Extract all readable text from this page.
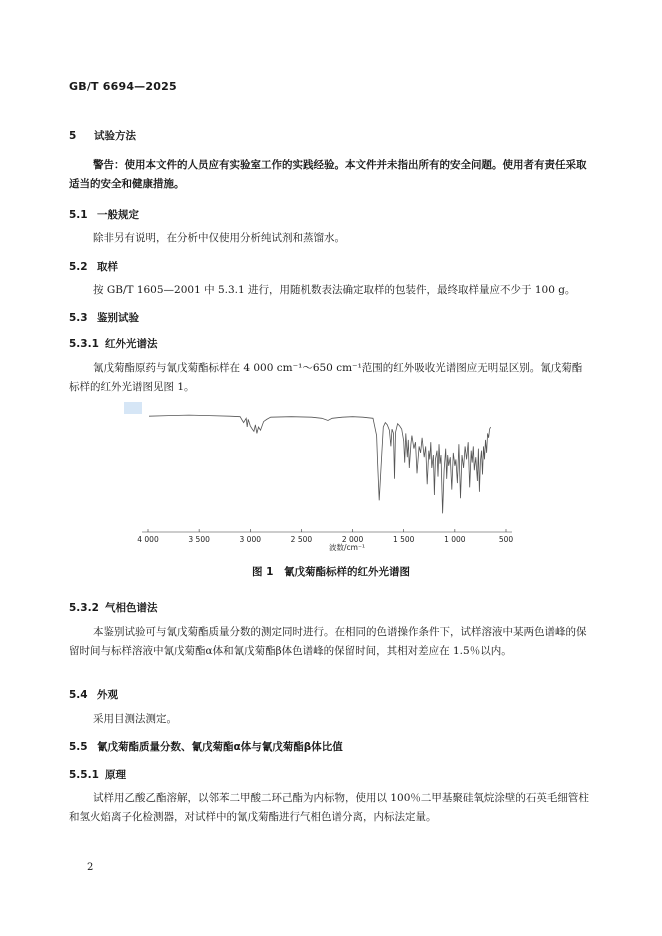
GB/T 6694—2025
5 试验方法

警告：使用本文件的人员应有实验室工作的实践经验。本文件并未指出所有的安全问题。使用者有责任采取适当的安全和健康措施。

5.1 一般规定

除非另有说明，在分析中仅使用分析纯试剂和蒸馏水。

5.2 取样

按 GB/T 1605—2001 中 5.3.1 进行，用随机数表法确定取样的包装件，最终取样量应不少于 100 g。

5.3 鉴别试验
5.3.1 红外光谱法

氰戊菊酯原药与氰戊菊酯标样在 4 000 cm⁻¹～650 cm⁻¹范围的红外吸收光谱图应无明显区别。氰戊菊酯标样的红外光谱图见图 1。

4 000	3 500	3 000	2 500	2 000	1 500	1 000	500
波数/cm⁻¹
图 1　氰戊菊酯标样的红外光谱图
5.3.2 气相色谱法

本鉴别试验可与氰戊菊酯质量分数的测定同时进行。在相同的色谱操作条件下，试样溶液中某两色谱峰的保留时间与标样溶液中氰戊菊酯α体和氰戊菊酯β体色谱峰的保留时间，其相对差应在 1.5％以内。

5.4 外观

采用目测法测定。

5.5 氰戊菊酯质量分数、氰戊菊酯α体与氰戊菊酯β体比值
5.5.1 原理

试样用乙酸乙酯溶解，以邻苯二甲酸二环己酯为内标物，使用以 100％二甲基聚硅氧烷涂壁的石英毛细管柱和氢火焰离子化检测器，对试样中的氰戊菊酯进行气相色谱分离，内标法定量。

2
